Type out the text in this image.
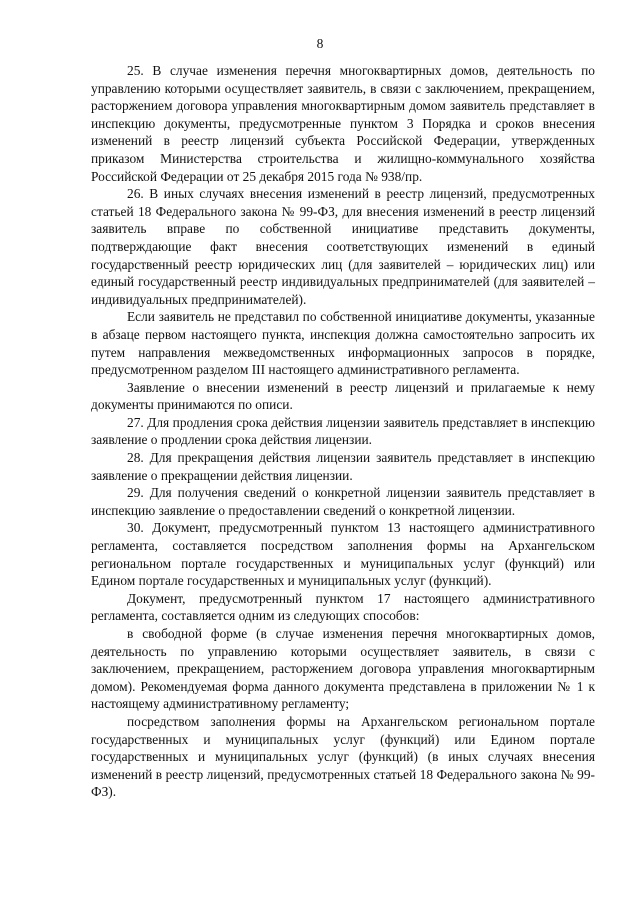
8

25. В случае изменения перечня многоквартирных домов, деятельность по управлению которыми осуществляет заявитель, в связи с заключением, прекращением, расторжением договора управления многоквартирным домом заявитель представляет в инспекцию документы, предусмотренные пунктом 3 Порядка и сроков внесения изменений в реестр лицензий субъекта Российской Федерации, утвержденных приказом Министерства строительства и жилищно-коммунального хозяйства Российской Федерации от 25 декабря 2015 года № 938/пр.

26. В иных случаях внесения изменений в реестр лицензий, предусмотренных статьей 18 Федерального закона № 99-ФЗ, для внесения изменений в реестр лицензий заявитель вправе по собственной инициативе представить документы, подтверждающие факт внесения соответствующих изменений в единый государственный реестр юридических лиц (для заявителей – юридических лиц) или единый государственный реестр индивидуальных предпринимателей (для заявителей – индивидуальных предпринимателей).

Если заявитель не представил по собственной инициативе документы, указанные в абзаце первом настоящего пункта, инспекция должна самостоятельно запросить их путем направления межведомственных информационных запросов в порядке, предусмотренном разделом III настоящего административного регламента.

Заявление о внесении изменений в реестр лицензий и прилагаемые к нему документы принимаются по описи.

27. Для продления срока действия лицензии заявитель представляет в инспекцию заявление о продлении срока действия лицензии.

28. Для прекращения действия лицензии заявитель представляет в инспекцию заявление о прекращении действия лицензии.

29. Для получения сведений о конкретной лицензии заявитель представляет в инспекцию заявление о предоставлении сведений о конкретной лицензии.

30. Документ, предусмотренный пунктом 13 настоящего административного регламента, составляется посредством заполнения формы на Архангельском региональном портале государственных и муниципальных услуг (функций) или Едином портале государственных и муниципальных услуг (функций).

Документ, предусмотренный пунктом 17 настоящего административного регламента, составляется одним из следующих способов:

в свободной форме (в случае изменения перечня многоквартирных домов, деятельность по управлению которыми осуществляет заявитель, в связи с заключением, прекращением, расторжением договора управления многоквартирным домом). Рекомендуемая форма данного документа представлена в приложении № 1 к настоящему административному регламенту;

посредством заполнения формы на Архангельском региональном портале государственных и муниципальных услуг (функций) или Едином портале государственных и муниципальных услуг (функций) (в иных случаях внесения изменений в реестр лицензий, предусмотренных статьей 18 Федерального закона № 99-ФЗ).
